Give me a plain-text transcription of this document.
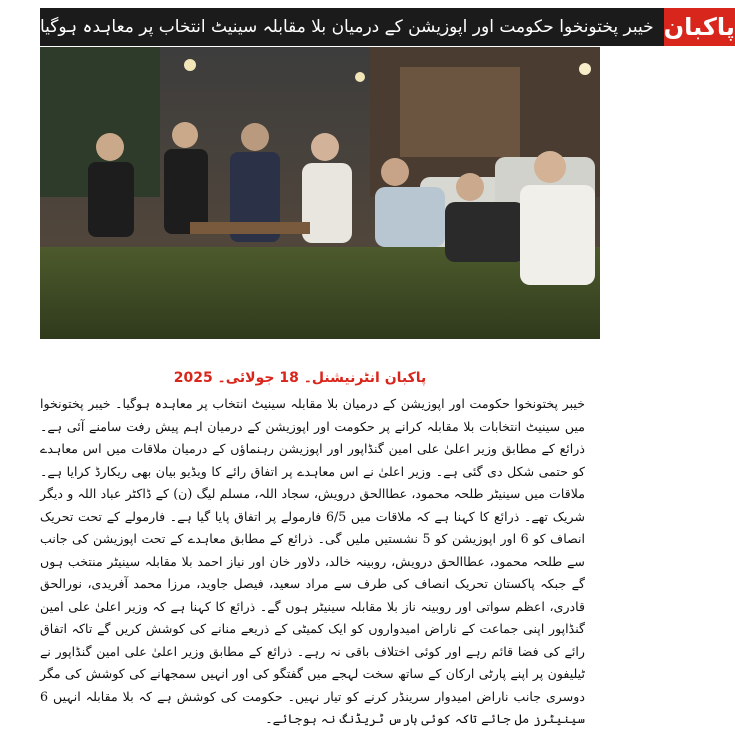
خیبر پختونخوا حکومت اور اپوزیشن کے درمیان بلا مقابلہ سینیٹ انتخاب پر معاہدہ ہوگیا پاکبان
پاکبان انٹرنیشنل۔ 18 جولائی۔ 2025

خیبر پختونخوا حکومت اور اپوزیشن کے درمیان بلا مقابلہ سینیٹ انتخاب پر معاہدہ ہوگیا۔ خیبر پختونخوا میں سینیٹ انتخابات بلا مقابلہ کرانے پر حکومت اور اپوزیشن کے درمیان اہم پیش رفت سامنے آئی ہے۔ ذرائع کے مطابق وزیر اعلیٰ علی امین گنڈاپور اور اپوزیشن رہنماؤں کے درمیان ملاقات میں اس معاہدے کو حتمی شکل دی گئی ہے۔ وزیر اعلیٰ نے اس معاہدے پر اتفاق رائے کا ویڈیو بیان بھی ریکارڈ کرایا ہے۔ ملاقات میں سینیٹر طلحہ محمود، عطاالحق درویش، سجاد اللہ، مسلم لیگ (ن) کے ڈاکٹر عباد اللہ و دیگر شریک تھے۔ ذرائع کا کہنا ہے کہ ملاقات میں 6/5 فارمولے پر اتفاق پایا گیا ہے۔ فارمولے کے تحت تحریک انصاف کو 6 اور اپوزیشن کو 5 نشستیں ملیں گی۔ ذرائع کے مطابق معاہدے کے تحت اپوزیشن کی جانب سے طلحہ محمود، عطاالحق درویش، روبینہ خالد، دلاور خان اور نیاز احمد بلا مقابلہ سینیٹر منتخب ہوں گے جبکہ پاکستان تحریک انصاف کی طرف سے مراد سعید، فیصل جاوید، مرزا محمد آفریدی، نورالحق قادری، اعظم سواتی اور روبینہ ناز بلا مقابلہ سینیٹر ہوں گے۔ ذرائع کا کہنا ہے کہ وزیر اعلیٰ علی امین گنڈاپور اپنی جماعت کے ناراض امیدواروں کو ایک کمیٹی کے ذریعے منانے کی کوشش کریں گے تاکہ اتفاق رائے کی فضا قائم رہے اور کوئی اختلاف باقی نہ رہے۔ ذرائع کے مطابق وزیر اعلیٰ علی امین گنڈاپور نے ٹیلیفون پر اپنے پارٹی ارکان کے ساتھ سخت لہجے میں گفتگو کی اور انہیں سمجھانے کی کوشش کی مگر دوسری جانب ناراض امیدوار سرینڈر کرنے کو تیار نہیں۔ حکومت کی کوشش ہے کہ بلا مقابلہ انہیں 6 سینیٹرز مل جائے تاکہ کوئی ہارس ٹریڈنگ نہ ہوجائے۔
